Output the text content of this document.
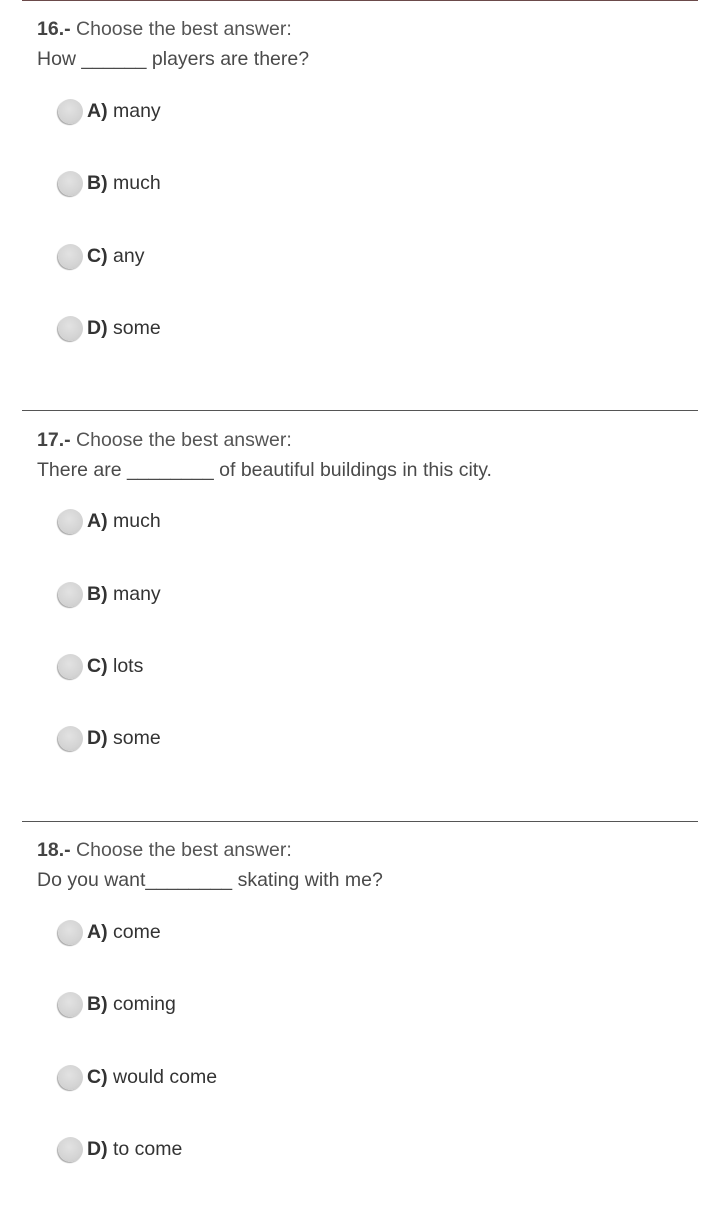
16.- Choose the best answer:
How ______ players are there?
A) many
B) much
C) any
D) some
17.- Choose the best answer:
There are ________ of beautiful buildings in this city.
A) much
B) many
C) lots
D) some
18.- Choose the best answer:
Do you want________ skating with me?
A) come
B) coming
C) would come
D) to come
